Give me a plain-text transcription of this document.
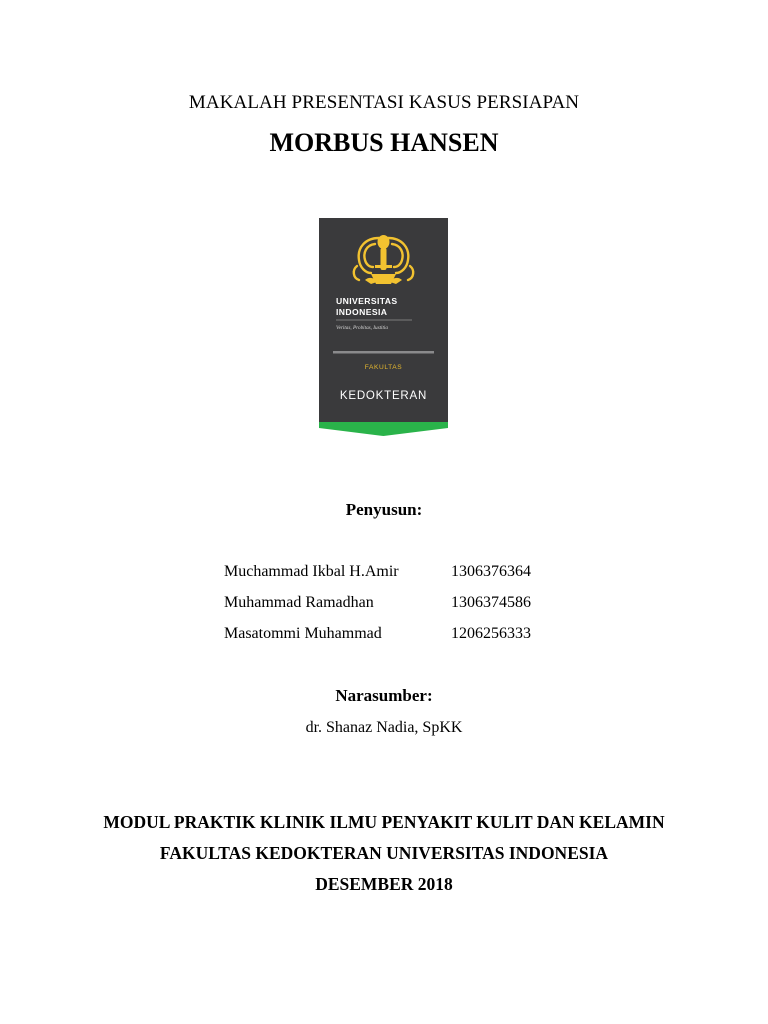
MAKALAH PRESENTASI KASUS PERSIAPAN
MORBUS HANSEN
UNIVERSITAS
INDONESIA
Veritas, Probitas, Iustitia
FAKULTAS
KEDOKTERAN
Penyusun:
Muchammad Ikbal H.Amir	1306376364
Muhammad Ramadhan	1306374586
Masatommi Muhammad	1206256333
Narasumber:
dr. Shanaz Nadia, SpKK
MODUL PRAKTIK KLINIK ILMU PENYAKIT KULIT DAN KELAMIN
FAKULTAS KEDOKTERAN UNIVERSITAS INDONESIA
DESEMBER 2018
